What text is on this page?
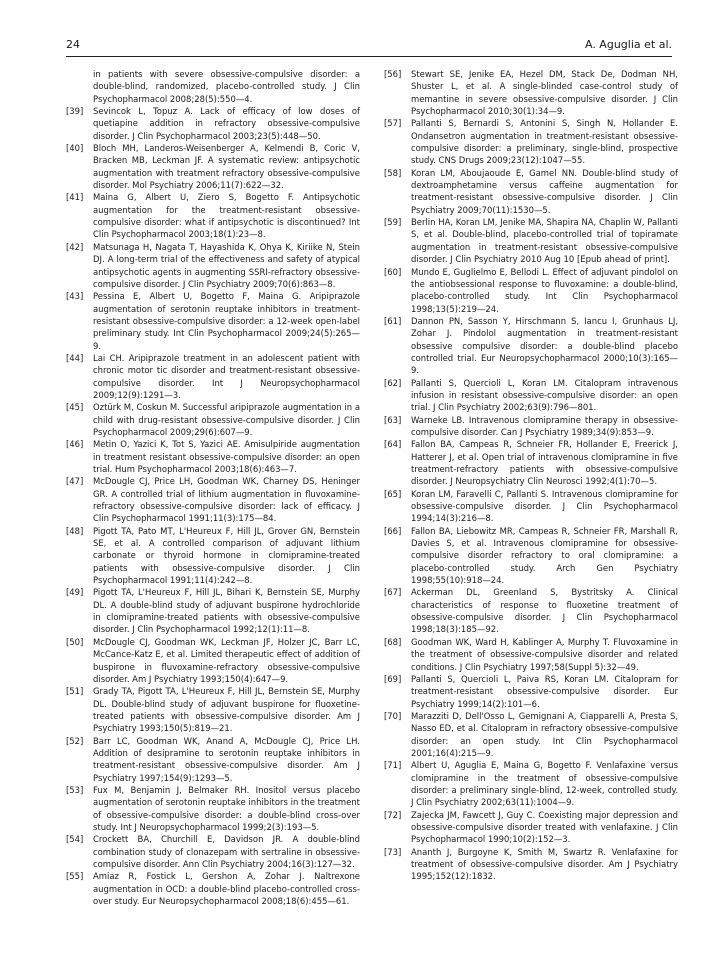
24	A. Aguglia et al.

in patients with severe obsessive-compulsive disorder: a double-blind, randomized, placebo-controlled study. J Clin Psychopharmacol 2008;28(5):550—4.

[39] Sevincok L, Topuz A. Lack of efficacy of low doses of quetiapine addition in refractory obsessive-compulsive disorder. J Clin Psychopharmacol 2003;23(5):448—50.

[40] Bloch MH, Landeros-Weisenberger A, Kelmendi B, Coric V, Bracken MB, Leckman JF. A systematic review: antipsychotic augmentation with treatment refractory obsessive-compulsive disorder. Mol Psychiatry 2006;11(7):622—32.

[41] Maina G, Albert U, Ziero S, Bogetto F. Antipsychotic augmentation for the treatment-resistant obsessive-compulsive disorder: what if antipsychotic is discontinued? Int Clin Psychopharmacol 2003;18(1):23—8.

[42] Matsunaga H, Nagata T, Hayashida K, Ohya K, Kiriike N, Stein DJ. A long-term trial of the effectiveness and safety of atypical antipsychotic agents in augmenting SSRI-refractory obsessive-compulsive disorder. J Clin Psychiatry 2009;70(6):863—8.

[43] Pessina E, Albert U, Bogetto F, Maina G. Aripiprazole augmentation of serotonin reuptake inhibitors in treatment-resistant obsessive-compulsive disorder: a 12-week open-label preliminary study. Int Clin Psychopharmacol 2009;24(5):265—9.

[44] Lai CH. Aripiprazole treatment in an adolescent patient with chronic motor tic disorder and treatment-resistant obsessive-compulsive disorder. Int J Neuropsychopharmacol 2009;12(9):1291—3.

[45] Oztürk M, Coskun M. Successful aripiprazole augmentation in a child with drug-resistant obsessive-compulsive disorder. J Clin Psychopharmacol 2009;29(6):607—9.

[46] Metin O, Yazici K, Tot S, Yazici AE. Amisulpiride augmentation in treatment resistant obsessive-compulsive disorder: an open trial. Hum Psychopharmacol 2003;18(6):463—7.

[47] McDougle CJ, Price LH, Goodman WK, Charney DS, Heninger GR. A controlled trial of lithium augmentation in fluvoxamine-refractory obsessive-compulsive disorder: lack of efficacy. J Clin Psychopharmacol 1991;11(3):175—84.

[48] Pigott TA, Pato MT, L'Heureux F, Hill JL, Grover GN, Bernstein SE, et al. A controlled comparison of adjuvant lithium carbonate or thyroid hormone in clomipramine-treated patients with obsessive-compulsive disorder. J Clin Psychopharmacol 1991;11(4):242—8.

[49] Pigott TA, L'Heureux F, Hill JL, Bihari K, Bernstein SE, Murphy DL. A double-blind study of adjuvant buspirone hydrochloride in clomipramine-treated patients with obsessive-compulsive disorder. J Clin Psychopharmacol 1992;12(1):11—8.

[50] McDougle CJ, Goodman WK, Leckman JF, Holzer JC, Barr LC, McCance-Katz E, et al. Limited therapeutic effect of addition of buspirone in fluvoxamine-refractory obsessive-compulsive disorder. Am J Psychiatry 1993;150(4):647—9.

[51] Grady TA, Pigott TA, L'Heureux F, Hill JL, Bernstein SE, Murphy DL. Double-blind study of adjuvant buspirone for fluoxetine-treated patients with obsessive-compulsive disorder. Am J Psychiatry 1993;150(5):819—21.

[52] Barr LC, Goodman WK, Anand A, McDougle CJ, Price LH. Addition of desipramine to serotonin reuptake inhibitors in treatment-resistant obsessive-compulsive disorder. Am J Psychiatry 1997;154(9):1293—5.

[53] Fux M, Benjamin J, Belmaker RH. Inositol versus placebo augmentation of serotonin reuptake inhibitors in the treatment of obsessive-compulsive disorder: a double-blind cross-over study. Int J Neuropsychopharmacol 1999;2(3):193—5.

[54] Crockett BA, Churchill E, Davidson JR. A double-blind combination study of clonazepam with sertraline in obsessive-compulsive disorder. Ann Clin Psychiatry 2004;16(3):127—32.

[55] Amiaz R, Fostick L, Gershon A, Zohar J. Naltrexone augmentation in OCD: a double-blind placebo-controlled cross-over study. Eur Neuropsychopharmacol 2008;18(6):455—61.

[56] Stewart SE, Jenike EA, Hezel DM, Stack De, Dodman NH, Shuster L, et al. A single-blinded case-control study of memantine in severe obsessive-compulsive disorder. J Clin Psychopharmacol 2010;30(1):34—9.

[57] Pallanti S, Bernardi S, Antonini S, Singh N, Hollander E. Ondansetron augmentation in treatment-resistant obsessive-compulsive disorder: a preliminary, single-blind, prospective study. CNS Drugs 2009;23(12):1047—55.

[58] Koran LM, Aboujaoude E, Gamel NN. Double-blind study of dextroamphetamine versus caffeine augmentation for treatment-resistant obsessive-compulsive disorder. J Clin Psychiatry 2009;70(11):1530—5.

[59] Berlin HA, Koran LM, Jenike MA, Shapira NA, Chaplin W, Pallanti S, et al. Double-blind, placebo-controlled trial of topiramate augmentation in treatment-resistant obsessive-compulsive disorder. J Clin Psychiatry 2010 Aug 10 [Epub ahead of print].

[60] Mundo E, Guglielmo E, Bellodi L. Effect of adjuvant pindolol on the antiobsessional response to fluvoxamine: a double-blind, placebo-controlled study. Int Clin Psychopharmacol 1998;13(5):219—24.

[61] Dannon PN, Sasson Y, Hirschmann S, Iancu I, Grunhaus LJ, Zohar J. Pindolol augmentation in treatment-resistant obsessive compulsive disorder: a double-blind placebo controlled trial. Eur Neuropsychopharmacol 2000;10(3):165—9.

[62] Pallanti S, Quercioli L, Koran LM. Citalopram intravenous infusion in resistant obsessive-compulsive disorder: an open trial. J Clin Psychiatry 2002;63(9):796—801.

[63] Warneke LB. Intravenous clomipramine therapy in obsessive-compulsive disorder. Can J Psychiatry 1989;34(9):853—9.

[64] Fallon BA, Campeas R, Schneier FR, Hollander E, Freerick J, Hatterer J, et al. Open trial of intravenous clomipramine in five treatment-refractory patients with obsessive-compulsive disorder. J Neuropsychiatry Clin Neurosci 1992;4(1):70—5.

[65] Koran LM, Faravelli C, Pallanti S. Intravenous clomipramine for obsessive-compulsive disorder. J Clin Psychopharmacol 1994;14(3):216—8.

[66] Fallon BA, Liebowitz MR, Campeas R, Schneier FR, Marshall R, Davies S, et al. Intravenous clomipramine for obsessive-compulsive disorder refractory to oral clomipramine: a placebo-controlled study. Arch Gen Psychiatry 1998;55(10):918—24.

[67] Ackerman DL, Greenland S, Bystritsky A. Clinical characteristics of response to fluoxetine treatment of obsessive-compulsive disorder. J Clin Psychopharmacol 1998;18(3):185—92.

[68] Goodman WK, Ward H, Kablinger A, Murphy T. Fluvoxamine in the treatment of obsessive-compulsive disorder and related conditions. J Clin Psychiatry 1997;58(Suppl 5):32—49.

[69] Pallanti S, Quercioli L, Paiva RS, Koran LM. Citalopram for treatment-resistant obsessive-compulsive disorder. Eur Psychiatry 1999;14(2):101—6.

[70] Marazziti D, Dell'Osso L, Gemignani A, Ciapparelli A, Presta S, Nasso ED, et al. Citalopram in refractory obsessive-compulsive disorder: an open study. Int Clin Psychopharmacol 2001;16(4):215—9.

[71] Albert U, Aguglia E, Maina G, Bogetto F. Venlafaxine versus clomipramine in the treatment of obsessive-compulsive disorder: a preliminary single-blind, 12-week, controlled study. J Clin Psychiatry 2002;63(11):1004—9.

[72] Zajecka JM, Fawcett J, Guy C. Coexisting major depression and obsessive-compulsive disorder treated with venlafaxine. J Clin Psychopharmacol 1990;10(2):152—3.

[73] Ananth J, Burgoyne K, Smith M, Swartz R. Venlafaxine for treatment of obsessive-compulsive disorder. Am J Psychiatry 1995;152(12):1832.
